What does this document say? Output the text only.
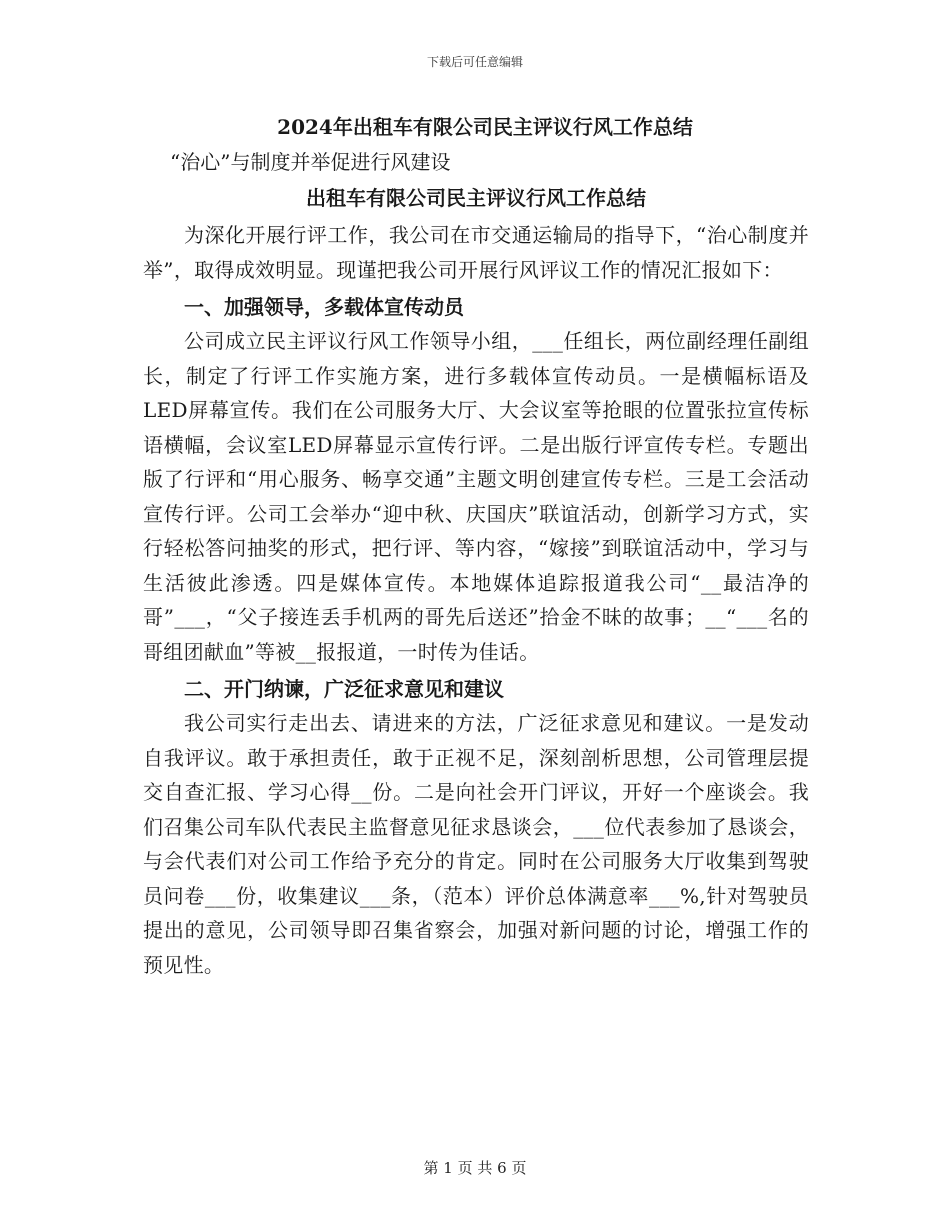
下载后可任意编辑
2024年出租车有限公司民主评议行风工作总结
“治心”与制度并举促进行风建设
出租车有限公司民主评议行风工作总结

为深化开展行评工作，我公司在市交通运输局的指导下，“治心制度并举”，取得成效明显。现谨把我公司开展行风评议工作的情况汇报如下：

一、加强领导，多载体宣传动员

公司成立民主评议行风工作领导小组，___任组长，两位副经理任副组长，制定了行评工作实施方案，进行多载体宣传动员。一是横幅标语及LED屏幕宣传。我们在公司服务大厅、大会议室等抢眼的位置张拉宣传标语横幅，会议室LED屏幕显示宣传行评。二是出版行评宣传专栏。专题出版了行评和“用心服务、畅享交通”主题文明创建宣传专栏。三是工会活动宣传行评。公司工会举办“迎中秋、庆国庆”联谊活动，创新学习方式，实行轻松答问抽奖的形式，把行评、等内容，“嫁接”到联谊活动中，学习与生活彼此渗透。四是媒体宣传。本地媒体追踪报道我公司“__最洁净的哥”___，“父子接连丢手机两的哥先后送还”拾金不昧的故事；__“___名的哥组团献血”等被__报报道，一时传为佳话。

二、开门纳谏，广泛征求意见和建议

我公司实行走出去、请进来的方法，广泛征求意见和建议。一是发动自我评议。敢于承担责任，敢于正视不足，深刻剖析思想，公司管理层提交自查汇报、学习心得__份。二是向社会开门评议，开好一个座谈会。我们召集公司车队代表民主监督意见征求恳谈会，___位代表参加了恳谈会，与会代表们对公司工作给予充分的肯定。同时在公司服务大厅收集到驾驶员问卷___份，收集建议___条，（范本）评价总体满意率___%,针对驾驶员提出的意见，公司领导即召集省察会，加强对新问题的讨论，增强工作的预见性。

第 1 页 共 6 页
